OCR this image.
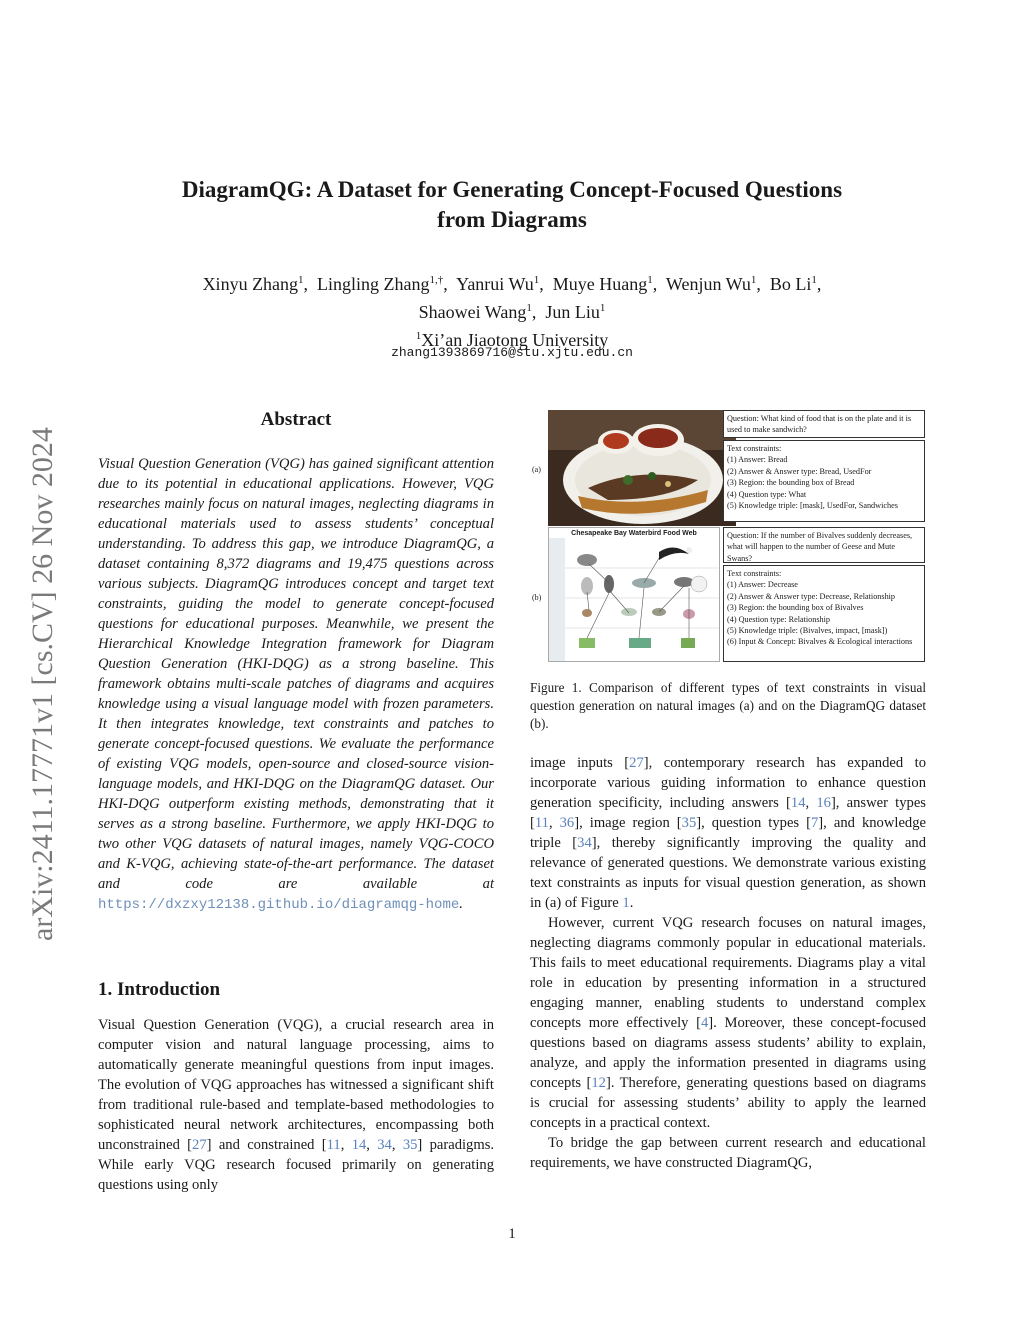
arXiv:2411.17771v1 [cs.CV] 26 Nov 2024
DiagramQG: A Dataset for Generating Concept-Focused Questions
from Diagrams
Xinyu Zhang$^1$,  Lingling Zhang$^{1,\dagger}$,  Yanrui Wu$^1$,  Muye Huang$^1$,  Wenjun Wu$^1$,  Bo Li$^1$,
Shaowei Wang$^1$,  Jun Liu$^1$
$^1$Xi’an Jiaotong University
zhang1393869716@stu.xjtu.edu.cn
Abstract

Visual Question Generation (VQG) has gained significant attention due to its potential in educational applications. However, VQG researches mainly focus on natural images, neglecting diagrams in educational materials used to assess students’ conceptual understanding. To address this gap, we introduce DiagramQG, a dataset containing 8,372 diagrams and 19,475 questions across various subjects. DiagramQG introduces concept and target text constraints, guiding the model to generate concept-focused questions for educational purposes. Meanwhile, we present the Hierarchical Knowledge Integration framework for Diagram Question Generation (HKI-DQG) as a strong baseline. This framework obtains multi-scale patches of diagrams and acquires knowledge using a visual language model with frozen parameters. It then integrates knowledge, text constraints and patches to generate concept-focused questions. We evaluate the performance of existing VQG models, open-source and closed-source vision-language models, and HKI-DQG on the DiagramQG dataset. Our HKI-DQG outperform existing methods, demonstrating that it serves as a strong baseline. Furthermore, we apply HKI-DQG to two other VQG datasets of natural images, namely VQG-COCO and K-VQG, achieving state-of-the-art performance. The dataset and code are available at https://dxzxy12138.github.io/diagramqg-home.

1. Introduction

Visual Question Generation (VQG), a crucial research area in computer vision and natural language processing, aims to automatically generate meaningful questions from input images. The evolution of VQG approaches has witnessed a significant shift from traditional rule-based and template-based methodologies to sophisticated neural network architectures, encompassing both unconstrained [27] and constrained [11, 14, 34, 35] paradigms. While early VQG research focused primarily on generating questions using only

(a)
Question: What kind of food that is on the plate and it is used to make sandwich?
Text constraints:
(1) Answer: Bread
(2) Answer & Answer type: Bread, UsedFor
(3) Region: the bounding box of Bread
(4) Question type: What
(5) Knowledge triple: [mask], UsedFor, Sandwiches
(b)
Chesapeake Bay Waterbird Food Web	Question: If the number of Bivalves suddenly decreases, what will happen to the number of Geese and Mute Swans?
Text constraints:
(1) Answer: Decrease
(2) Answer & Answer type: Decrease, Relationship
(3) Region: the bounding box of Bivalves
(4) Question type: Relationship
(5) Knowledge triple: (Bivalves, impact, [mask])
(6) Input & Concept: Bivalves & Ecological interactions
Figure 1. Comparison of different types of text constraints in visual question generation on natural images (a) and on the DiagramQG dataset (b).

image inputs [27], contemporary research has expanded to incorporate various guiding information to enhance question generation specificity, including answers [14, 16], answer types [11, 36], image region [35], question types [7], and knowledge triple [34], thereby significantly improving the quality and relevance of generated questions. We demonstrate various existing text constraints as inputs for visual question generation, as shown in (a) of Figure 1.

However, current VQG research focuses on natural images, neglecting diagrams commonly popular in educational materials. This fails to meet educational requirements. Diagrams play a vital role in education by presenting information in a structured engaging manner, enabling students to understand complex concepts more effectively [4]. Moreover, these concept-focused questions based on diagrams assess students’ ability to explain, analyze, and apply the information presented in diagrams using concepts [12]. Therefore, generating questions based on diagrams is crucial for assessing students’ ability to apply the learned concepts in a practical context.

To bridge the gap between current research and educational requirements, we have constructed DiagramQG,

1
